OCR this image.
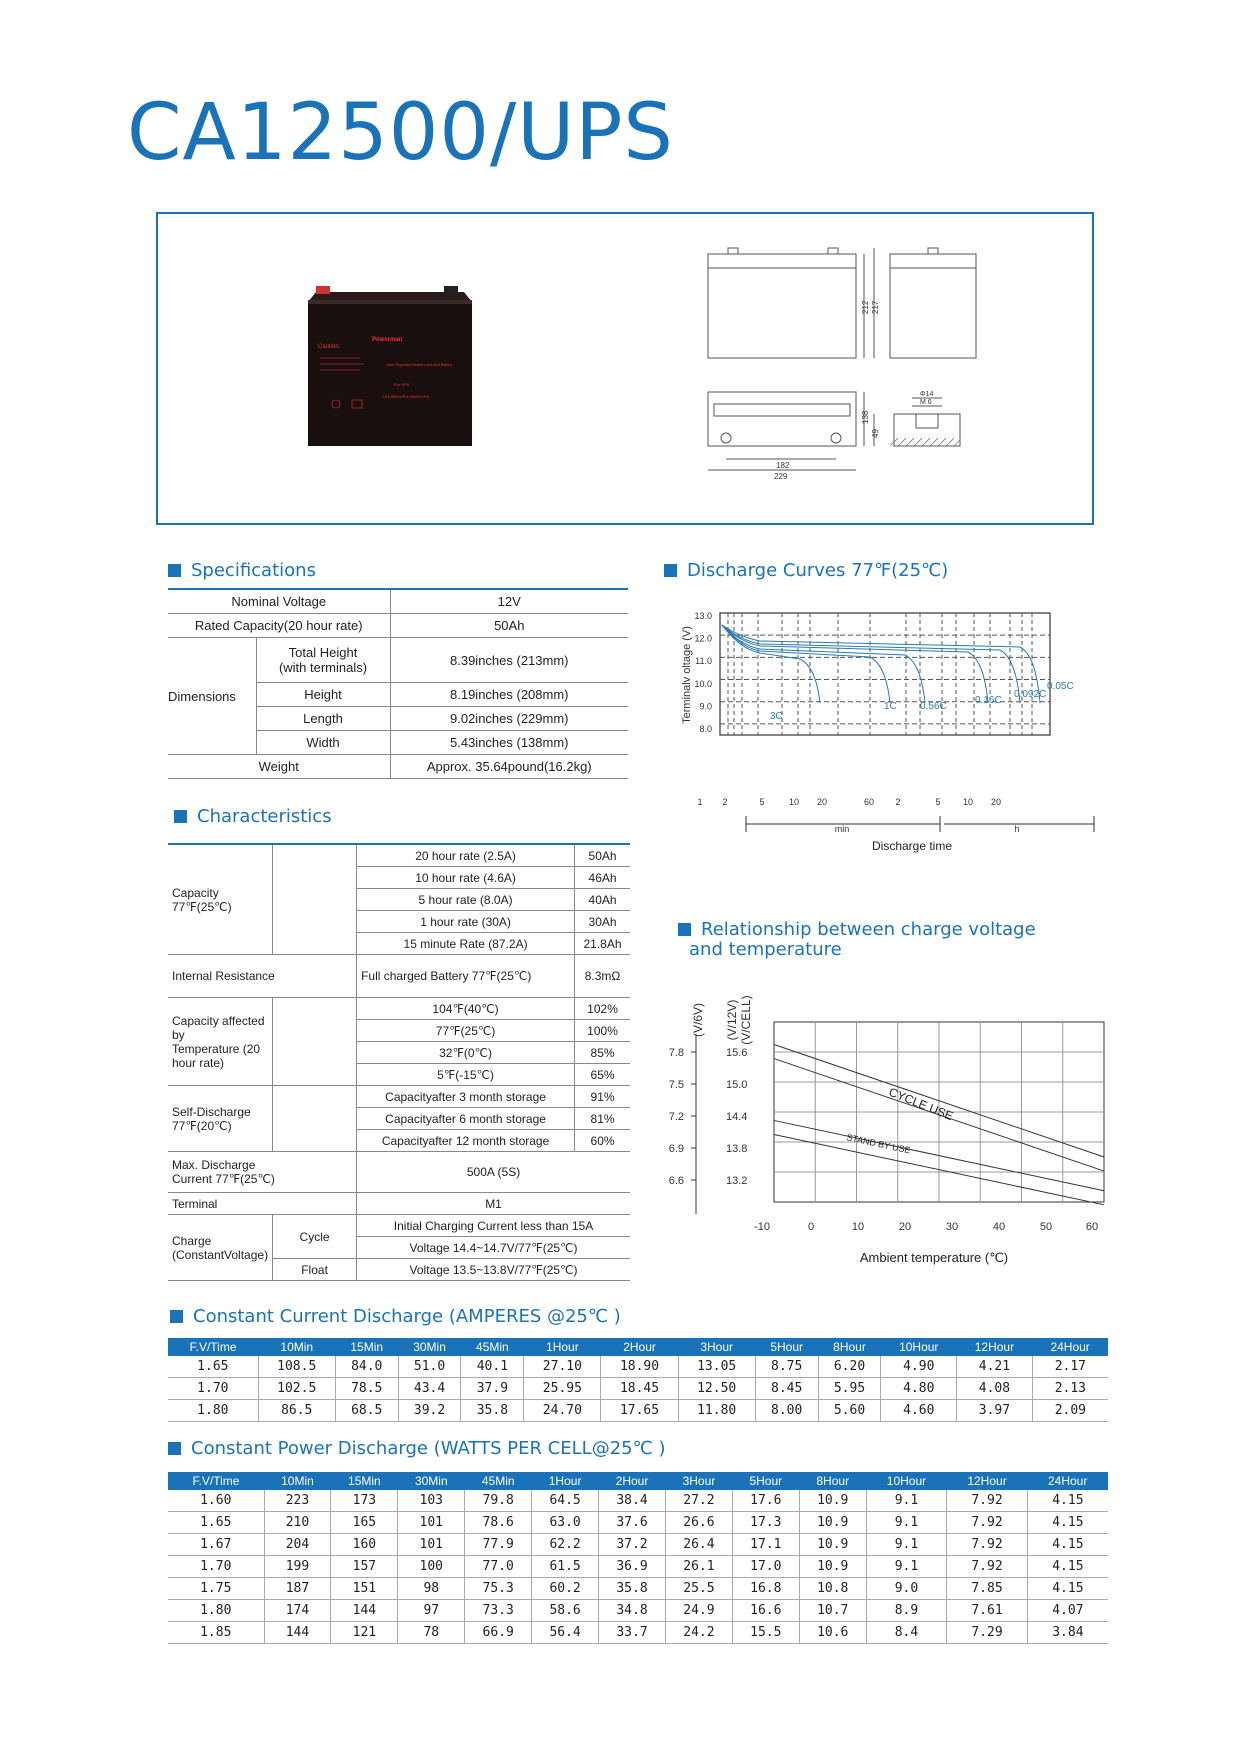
CA12500/UPS
Powerman
Caution:
Valve Regulated Sealed Lead-Acid Battery
For UPS
CA12500/UPS (50Ah/12V)
212 217
182
229
138
49
Φ14
M 6
Specifications
Nominal Voltage		12V
Rated Capacity(20 hour rate)		50Ah
Dimensions	Total Height
(with terminals)	8.39inches (213mm)
	Height	8.19inches (208mm)
	Length	9.02inches (229mm)
	Width	5.43inches (138mm)
Weight		Approx. 35.64pound(16.2kg)
Characteristics
Capacity
77℉(25℃)		20 hour rate (2.5A)	50Ah
		10 hour rate (4.6A)	46Ah
		5 hour rate (8.0A)	40Ah
		1 hour rate (30A)	30Ah
		15 minute Rate (87.2A)	21.8Ah
Internal Resistance		Full charged Battery 77℉(25℃)	8.3mΩ
Capacity affected by
Temperature (20 hour rate)		104℉(40℃)	102%
		77℉(25℃)	100%
		32℉(0℃)	85%
		5℉(-15℃)	65%
Self-Discharge
77℉(20℃)		Capacityafter 3 month storage	91%
		Capacityafter 6 month storage	81%
		Capacityafter 12 month storage	60%
Max. Discharge
Current 77℉(25℃)		500A (5S)	
Terminal		M1	
Charge
(ConstantVoltage)	Cycle	Initial Charging Current less than 15A	
		Voltage 14.4~14.7V/77℉(25℃)	
	Float	Voltage 13.5~13.8V/77℉(25℃)	
Discharge Curves 77℉(25℃)
13.0
12.0
11.0
10.0
9.0
8.0
1 2	5	10 20	60 2	5 10 20
3C
1C 0.56C
0.16C
0.092C
0.05C
Terminalv oltage (V)
min	h
Discharge time
Relationship between charge voltage
and temperature
(V/6V) (V/12V) (V/CELL)
7.8
7.5
7.2
6.9
6.6
15.6
15.0
14.4
13.8
13.2
-10	0	10	20	30	40	50	60
CYCLE USE
STAND BY USE
Ambient temperature (℃)
Constant Current Discharge (AMPERES @25℃ )
F.V/Time	10Min	15Min	30Min	45Min	1Hour	2Hour	3Hour	5Hour	8Hour	10Hour	12Hour	24Hour
1.65	108.5	84.0	51.0	40.1	27.10	18.90	13.05	8.75	6.20	4.90	4.21	2.17
1.70	102.5	78.5	43.4	37.9	25.95	18.45	12.50	8.45	5.95	4.80	4.08	2.13
1.80	86.5	68.5	39.2	35.8	24.70	17.65	11.80	8.00	5.60	4.60	3.97	2.09
Constant Power Discharge (WATTS PER CELL@25℃ )
F.V/Time	10Min	15Min	30Min	45Min	1Hour	2Hour	3Hour	5Hour	8Hour	10Hour	12Hour	24Hour
1.60	223	173	103	79.8	64.5	38.4	27.2	17.6	10.9	9.1	7.92	4.15
1.65	210	165	101	78.6	63.0	37.6	26.6	17.3	10.9	9.1	7.92	4.15
1.67	204	160	101	77.9	62.2	37.2	26.4	17.1	10.9	9.1	7.92	4.15
1.70	199	157	100	77.0	61.5	36.9	26.1	17.0	10.9	9.1	7.92	4.15
1.75	187	151	98	75.3	60.2	35.8	25.5	16.8	10.8	9.0	7.85	4.15
1.80	174	144	97	73.3	58.6	34.8	24.9	16.6	10.7	8.9	7.61	4.07
1.85	144	121	78	66.9	56.4	33.7	24.2	15.5	10.6	8.4	7.29	3.84
